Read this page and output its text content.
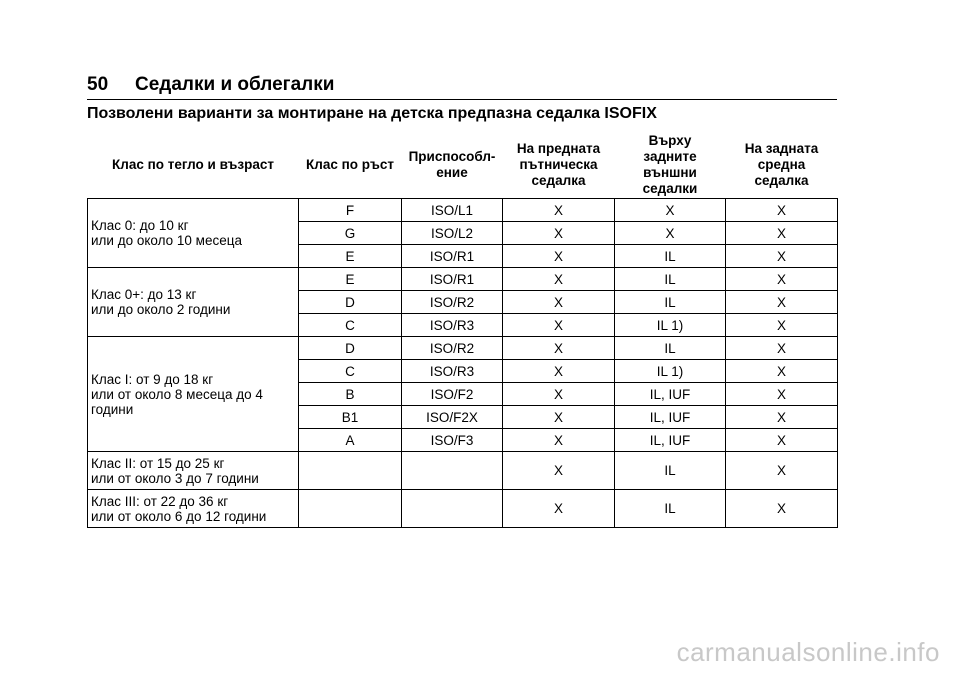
50 Седалки и облегалки
Позволени варианти за монтиране на детска предпазна седалка ISOFIX
Клас по тегло и възраст	Клас по ръст	Приспособл-
ение	На предната
пътническа
седалка	Върху
задните
външни
седалки	На задната
средна
седалка
Клас 0: до 10 кг
или до около 10 месеца	F	ISO/L1	X	X	X
	G	ISO/L2	X	X	X
	E	ISO/R1	X	IL	X
Клас 0+: до 13 кг
или до около 2 години	E	ISO/R1	X	IL	X
	D	ISO/R2	X	IL	X
	C	ISO/R3	X	IL 1)	X
Клас I: от 9 до 18 кг
или от около 8 месеца до 4
години	D	ISO/R2	X	IL	X
	C	ISO/R3	X	IL 1)	X
	B	ISO/F2	X	IL, IUF	X
	B1	ISO/F2X	X	IL, IUF	X
	A	ISO/F3	X	IL, IUF	X
Клас II: от 15 до 25 кг
или от около 3 до 7 години			X	IL	X
Клас III: от 22 до 36 кг
или от около 6 до 12 години			X	IL	X
carmanualsonline.info
